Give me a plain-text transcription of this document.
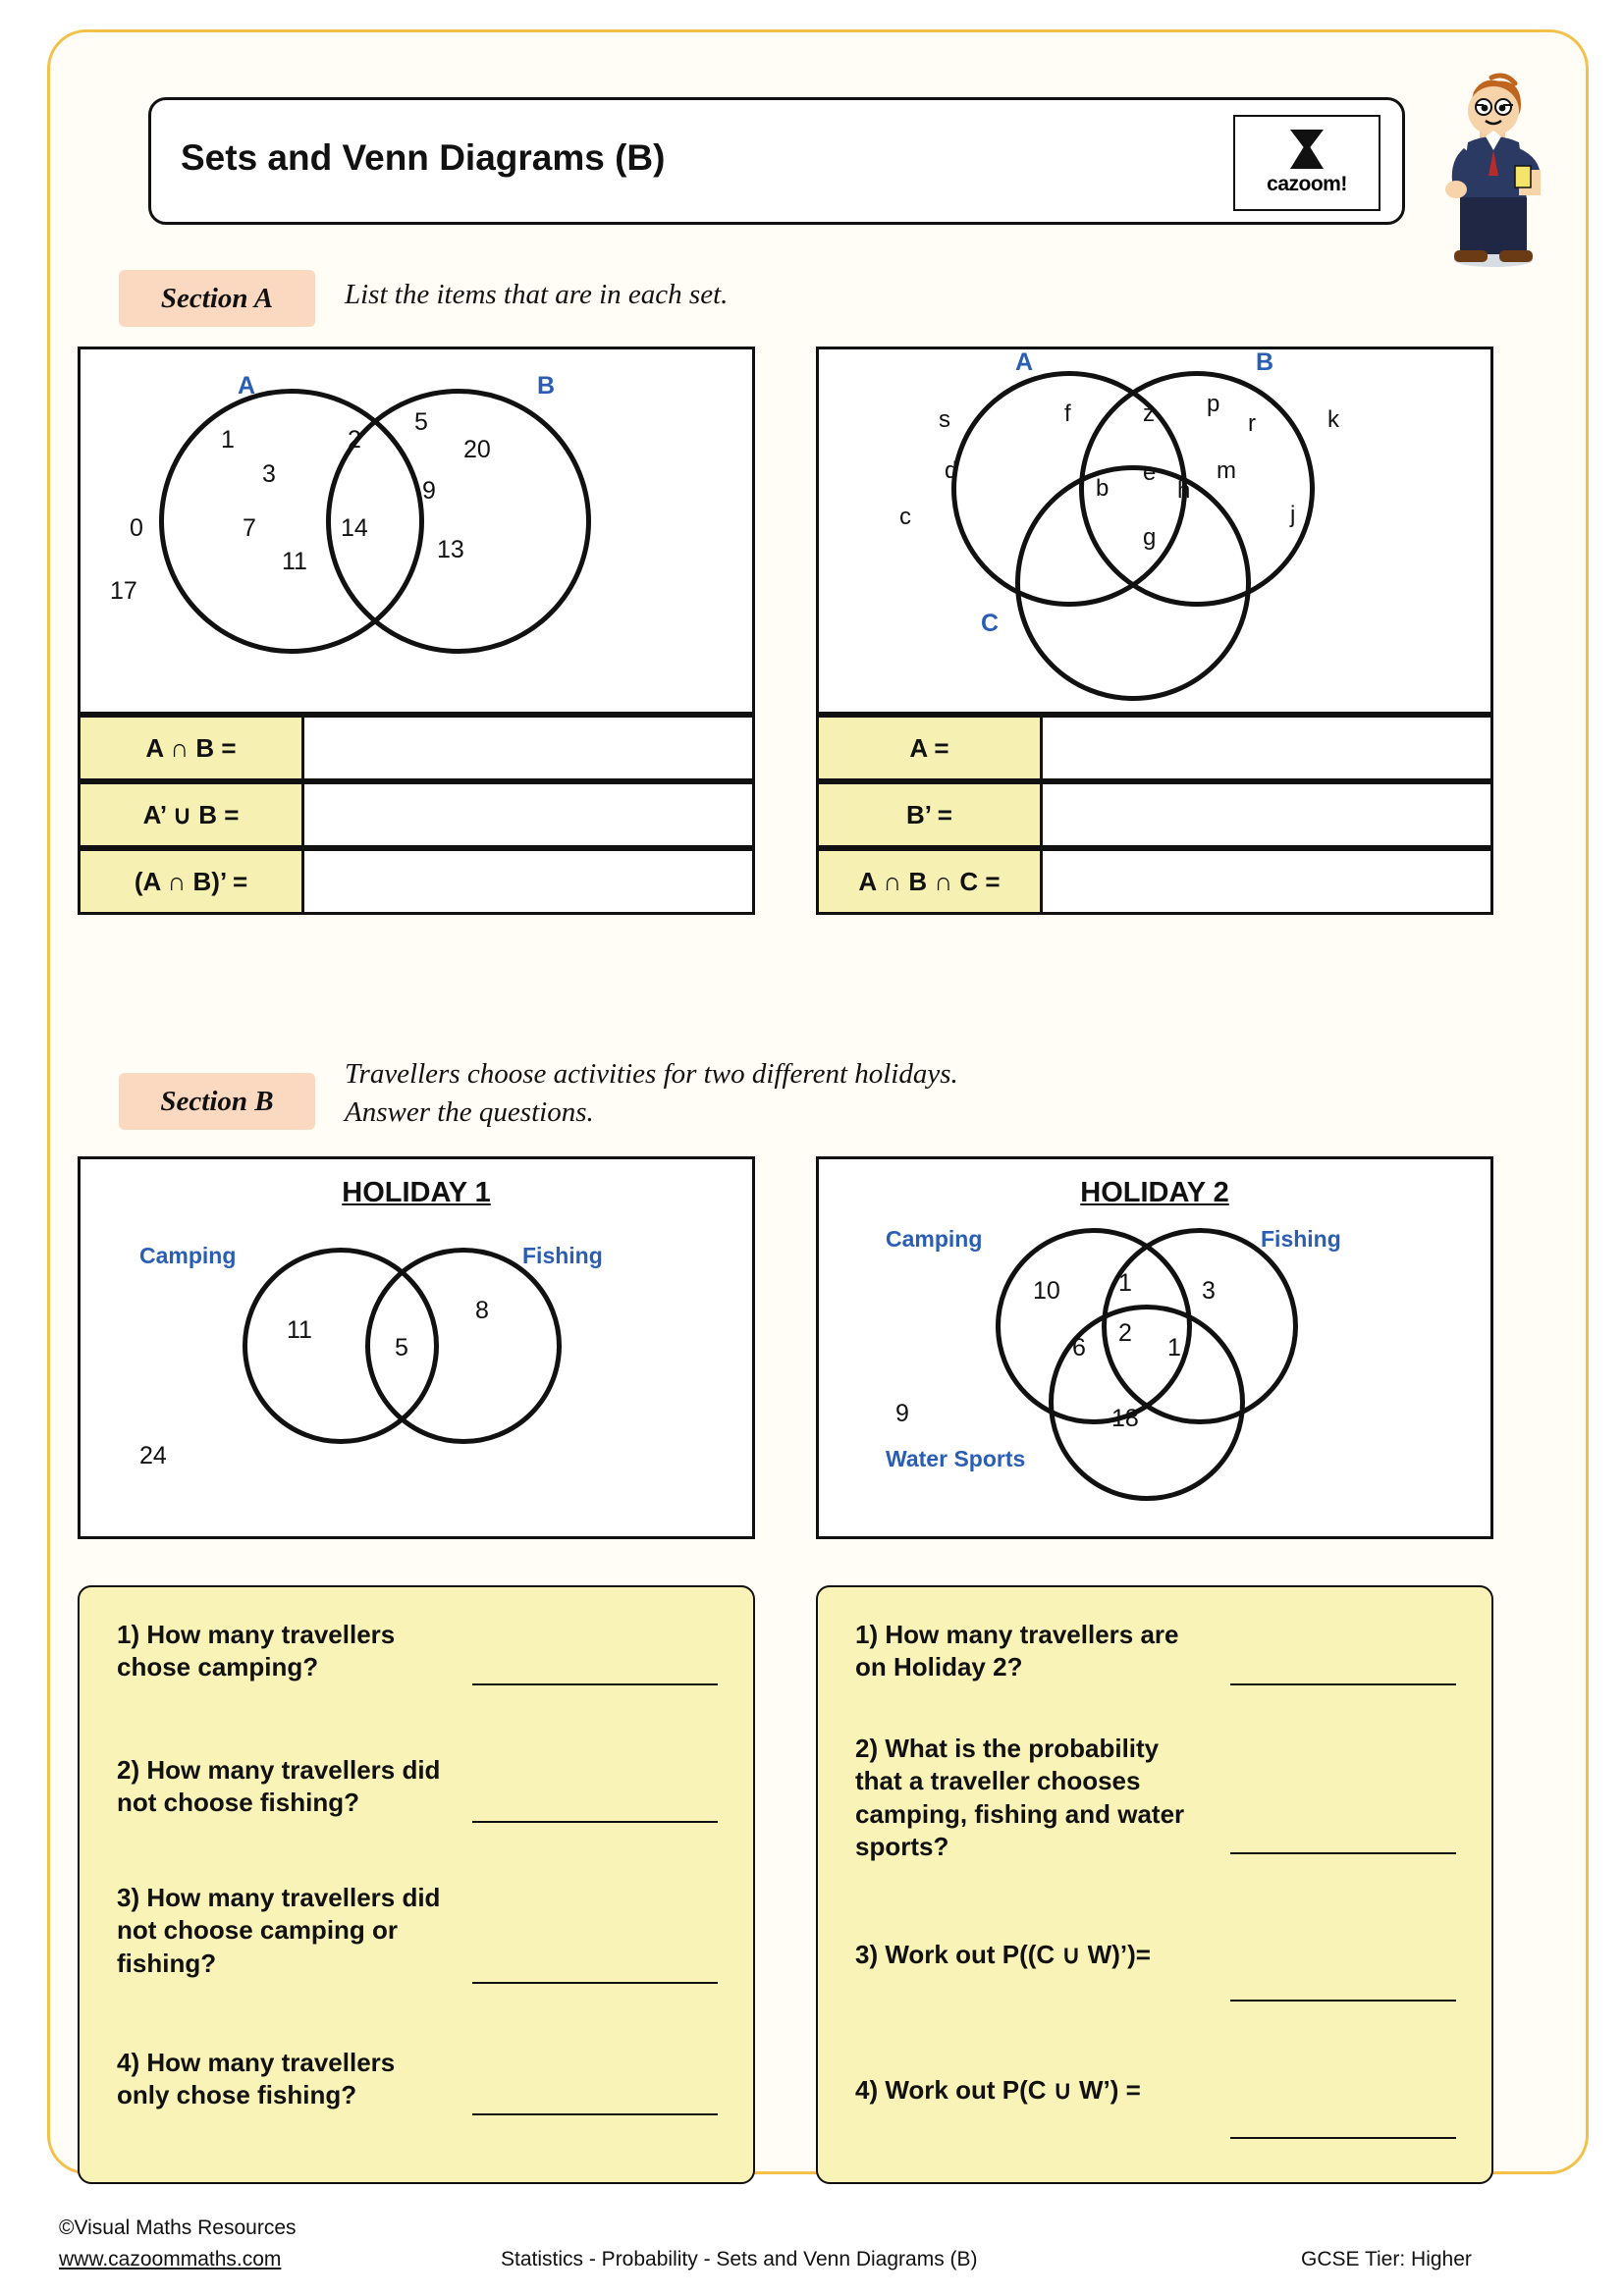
Sets and Venn Diagrams (B)
cazoom!
Section A	List the items that are in each set.
A	B
1
3
7
11
2
14
5
20
9
13
0
17
A	B
C
f	z p
r
m
e
b	h
g
s
d
c
k
j
A ∩ B =
A’ ∪ B =
(A ∩ B)’ =
A =
B’ =
A ∩ B ∩ C =
Section B
Travellers choose activities for two different holidays.
Answer the questions.
HOLIDAY 1
Camping	Fishing
11
5
8
24
HOLIDAY 2
Camping	Fishing
Water Sports
10 1	3
6
2
1
18
9
1) How many travellers chose camping?
2) How many travellers did not choose fishing?
3) How many travellers did not choose camping or fishing?
4) How many travellers only chose fishing?
1) How many travellers are on Holiday 2?
2) What is the probability that a traveller chooses camping, fishing and water sports?
3) Work out P((C ∪ W)’)=
4) Work out P(C ∪ W’) =
©Visual Maths Resources
www.cazoommaths.com	Statistics - Probability - Sets and Venn Diagrams (B)	GCSE Tier: Higher
